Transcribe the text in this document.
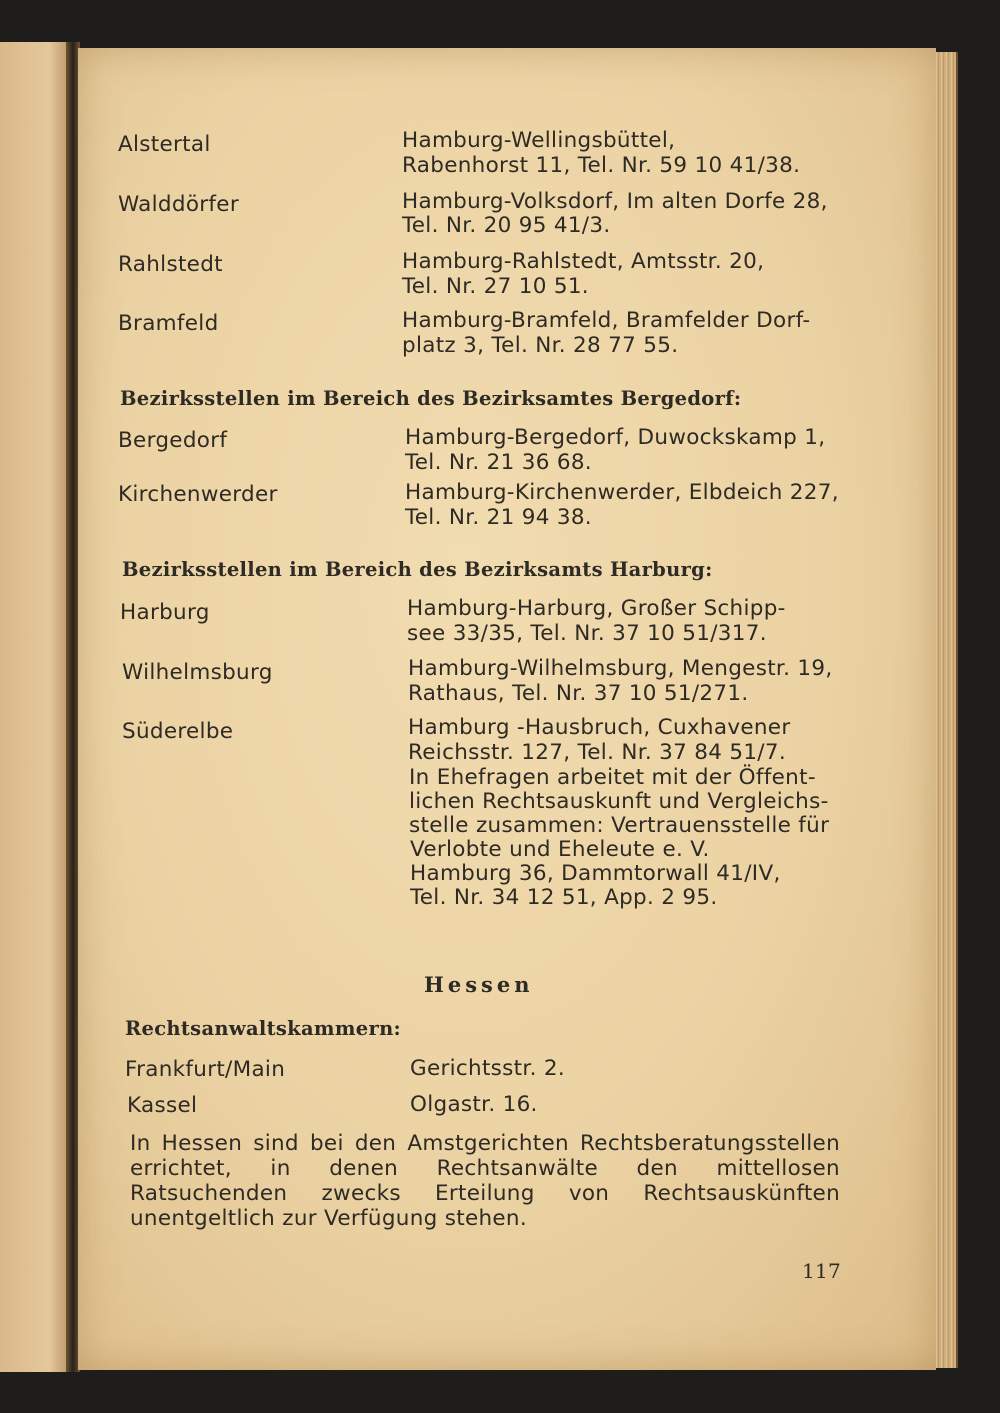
Alstertal	Hamburg-Wellingsbüttel,
Rabenhorst 11, Tel. Nr. 59 10 41/38.
Walddörfer	Hamburg-Volksdorf, Im alten Dorfe 28,
Tel. Nr. 20 95 41/3.
Rahlstedt	Hamburg-Rahlstedt, Amtsstr. 20,
Tel. Nr. 27 10 51.
Bramfeld	Hamburg-Bramfeld, Bramfelder Dorf-
platz 3, Tel. Nr. 28 77 55.
Bezirksstellen im Bereich des Bezirksamtes Bergedorf:
Bergedorf	Hamburg-Bergedorf, Duwockskamp 1,
Tel. Nr. 21 36 68.
Kirchenwerder	Hamburg-Kirchenwerder, Elbdeich 227,
Tel. Nr. 21 94 38.
Bezirksstellen im Bereich des Bezirksamts Harburg:
Harburg	Hamburg-Harburg, Großer Schipp-
see 33/35, Tel. Nr. 37 10 51/317.
Wilhelmsburg	Hamburg-Wilhelmsburg, Mengestr. 19,
Rathaus, Tel. Nr. 37 10 51/271.
Süderelbe	Hamburg -Hausbruch, Cuxhavener
Reichsstr. 127, Tel. Nr. 37 84 51/7.
In Ehefragen arbeitet mit der Öffent-
lichen Rechtsauskunft und Vergleichs-
stelle zusammen: Vertrauensstelle für
Verlobte und Eheleute e. V.
Hamburg 36, Dammtorwall 41/IV,
Tel. Nr. 34 12 51, App. 2 95.
Hessen
Rechtsanwaltskammern:
Frankfurt/Main	Gerichtsstr. 2.
Kassel	Olgastr. 16.
In Hessen sind bei den Amstgerichten Rechtsberatungsstellen errichtet, in denen Rechtsanwälte den mittellosen Ratsuchenden zwecks Erteilung von Rechtsauskünften unentgeltlich zur Verfügung stehen.
117
